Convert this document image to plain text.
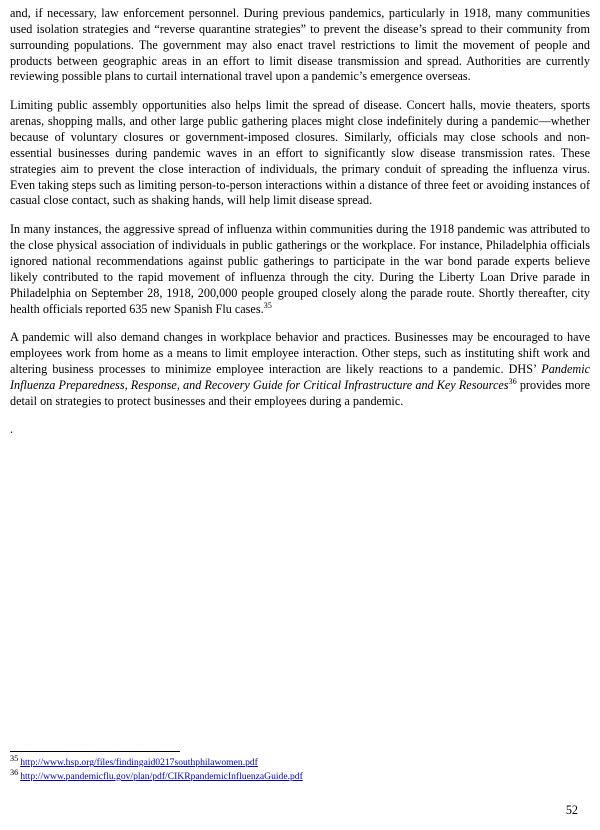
and, if necessary, law enforcement personnel. During previous pandemics, particularly in 1918, many communities used isolation strategies and “reverse quarantine strategies” to prevent the disease’s spread to their community from surrounding populations. The government may also enact travel restrictions to limit the movement of people and products between geographic areas in an effort to limit disease transmission and spread. Authorities are currently reviewing possible plans to curtail international travel upon a pandemic’s emergence overseas.

Limiting public assembly opportunities also helps limit the spread of disease. Concert halls, movie theaters, sports arenas, shopping malls, and other large public gathering places might close indefinitely during a pandemic—whether because of voluntary closures or government-imposed closures. Similarly, officials may close schools and non-essential businesses during pandemic waves in an effort to significantly slow disease transmission rates. These strategies aim to prevent the close interaction of individuals, the primary conduit of spreading the influenza virus. Even taking steps such as limiting person-to-person interactions within a distance of three feet or avoiding instances of casual close contact, such as shaking hands, will help limit disease spread.

In many instances, the aggressive spread of influenza within communities during the 1918 pandemic was attributed to the close physical association of individuals in public gatherings or the workplace. For instance, Philadelphia officials ignored national recommendations against public gatherings to participate in the war bond parade experts believe likely contributed to the rapid movement of influenza through the city. During the Liberty Loan Drive parade in Philadelphia on September 28, 1918, 200,000 people grouped closely along the parade route. Shortly thereafter, city health officials reported 635 new Spanish Flu cases.$^{35}$

A pandemic will also demand changes in workplace behavior and practices. Businesses may be encouraged to have employees work from home as a means to limit employee interaction. Other steps, such as instituting shift work and altering business processes to minimize employee interaction are likely reactions to a pandemic. DHS’ Pandemic Influenza Preparedness, Response, and Recovery Guide for Critical Infrastructure and Key Resources$^{36}$ provides more detail on strategies to protect businesses and their employees during a pandemic.

.

35 http://www.hsp.org/files/findingaid0217southphilawomen.pdf

36 http://www.pandemicflu.gov/plan/pdf/CIKRpandemicInfluenzaGuide.pdf

52
